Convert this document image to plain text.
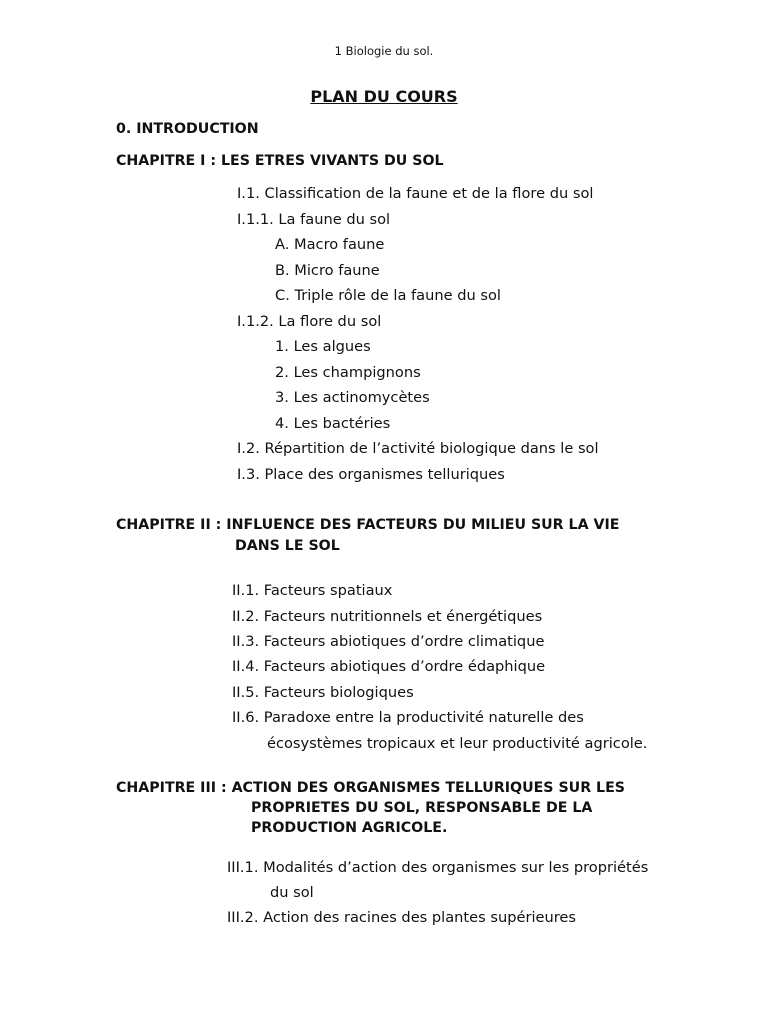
1 Biologie du sol.
PLAN DU COURS
0. INTRODUCTION
CHAPITRE I : LES ETRES VIVANTS DU SOL
I.1. Classification de la faune et de la flore du sol
I.1.1. La faune du sol
A. Macro faune
B. Micro faune
C. Triple rôle de la faune du sol
I.1.2. La flore du sol
1. Les algues
2. Les champignons
3. Les actinomycètes
4. Les bactéries
I.2. Répartition de l’activité biologique dans le sol
I.3. Place des organismes telluriques
CHAPITRE II : INFLUENCE DES FACTEURS DU MILIEU SUR LA VIE
DANS LE SOL
II.1. Facteurs spatiaux
II.2. Facteurs nutritionnels et énergétiques
II.3. Facteurs abiotiques d’ordre climatique
II.4. Facteurs abiotiques d’ordre édaphique
II.5. Facteurs biologiques
II.6. Paradoxe entre la productivité naturelle des
écosystèmes tropicaux et leur productivité agricole.
CHAPITRE III : ACTION DES ORGANISMES TELLURIQUES SUR LES
PROPRIETES DU SOL, RESPONSABLE DE LA
PRODUCTION AGRICOLE.
III.1. Modalités d’action des organismes sur les propriétés
du sol
III.2. Action des racines des plantes supérieures
